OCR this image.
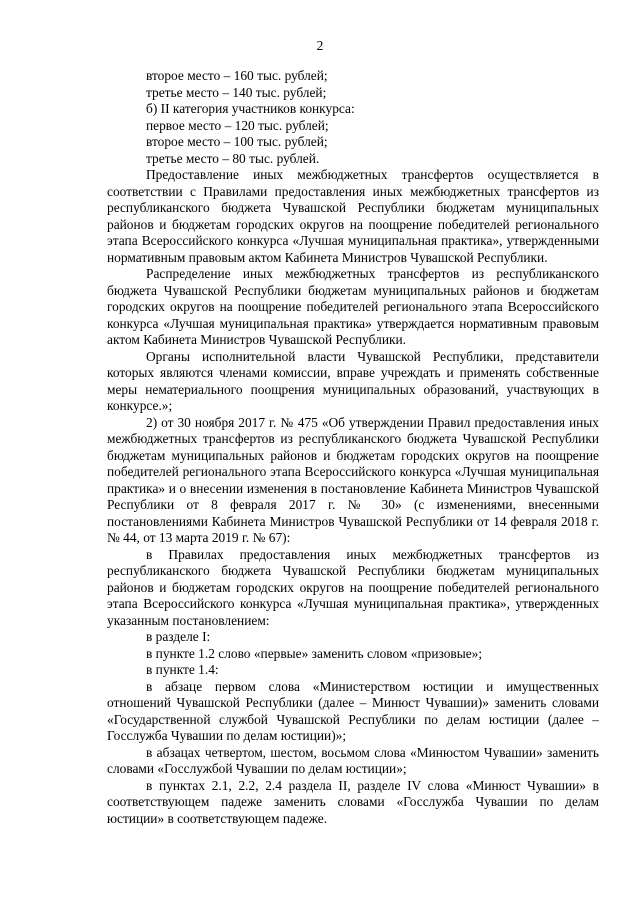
2

второе место – 160 тыс. рублей;

третье место – 140 тыс. рублей;

б) II категория участников конкурса:

первое место – 120 тыс. рублей;

второе место – 100 тыс. рублей;

третье место – 80 тыс. рублей.

Предоставление иных межбюджетных трансфертов осуществляется в соответствии с Правилами предоставления иных межбюджетных трансфертов из республиканского бюджета Чувашской Республики бюджетам муниципальных районов и бюджетам городских округов на поощрение победителей регионального этапа Всероссийского конкурса «Лучшая муниципальная практика», утвержденными нормативным правовым актом Кабинета Министров Чувашской Республики.

Распределение иных межбюджетных трансфертов из республиканского бюджета Чувашской Республики бюджетам муниципальных районов и бюджетам городских округов на поощрение победителей регионального этапа Всероссийского конкурса «Лучшая муниципальная практика» утверждается нормативным правовым актом Кабинета Министров Чувашской Республики.

Органы исполнительной власти Чувашской Республики, представители которых являются членами комиссии, вправе учреждать и применять собственные меры нематериального поощрения муниципальных образований, участвующих в конкурсе.»;

2) от 30 ноября 2017 г. № 475 «Об утверждении Правил предоставления иных межбюджетных трансфертов из республиканского бюджета Чувашской Республики бюджетам муниципальных районов и бюджетам городских округов на поощрение победителей регионального этапа Всероссийского конкурса «Лучшая муниципальная практика» и о внесении изменения в постановление Кабинета Министров Чувашской Республики от 8 февраля 2017 г. № 30» (с изменениями, внесенными постановлениями Кабинета Министров Чувашской Республики от 14 февраля 2018 г. № 44, от 13 марта 2019 г. № 67):

в Правилах предоставления иных межбюджетных трансфертов из республиканского бюджета Чувашской Республики бюджетам муниципальных районов и бюджетам городских округов на поощрение победителей регионального этапа Всероссийского конкурса «Лучшая муниципальная практика», утвержденных указанным постановлением:

в разделе I:

в пункте 1.2 слово «первые» заменить словом «призовые»;

в пункте 1.4:

в абзаце первом слова «Министерством юстиции и имущественных отношений Чувашской Республики (далее – Минюст Чувашии)» заменить словами «Государственной службой Чувашской Республики по делам юстиции (далее – Госслужба Чувашии по делам юстиции)»;

в абзацах четвертом, шестом, восьмом слова «Минюстом Чувашии» заменить словами «Госслужбой Чувашии по делам юстиции»;

в пунктах 2.1, 2.2, 2.4 раздела II, разделе IV слова «Минюст Чувашии» в соответствующем падеже заменить словами «Госслужба Чувашии по делам юстиции» в соответствующем падеже.
